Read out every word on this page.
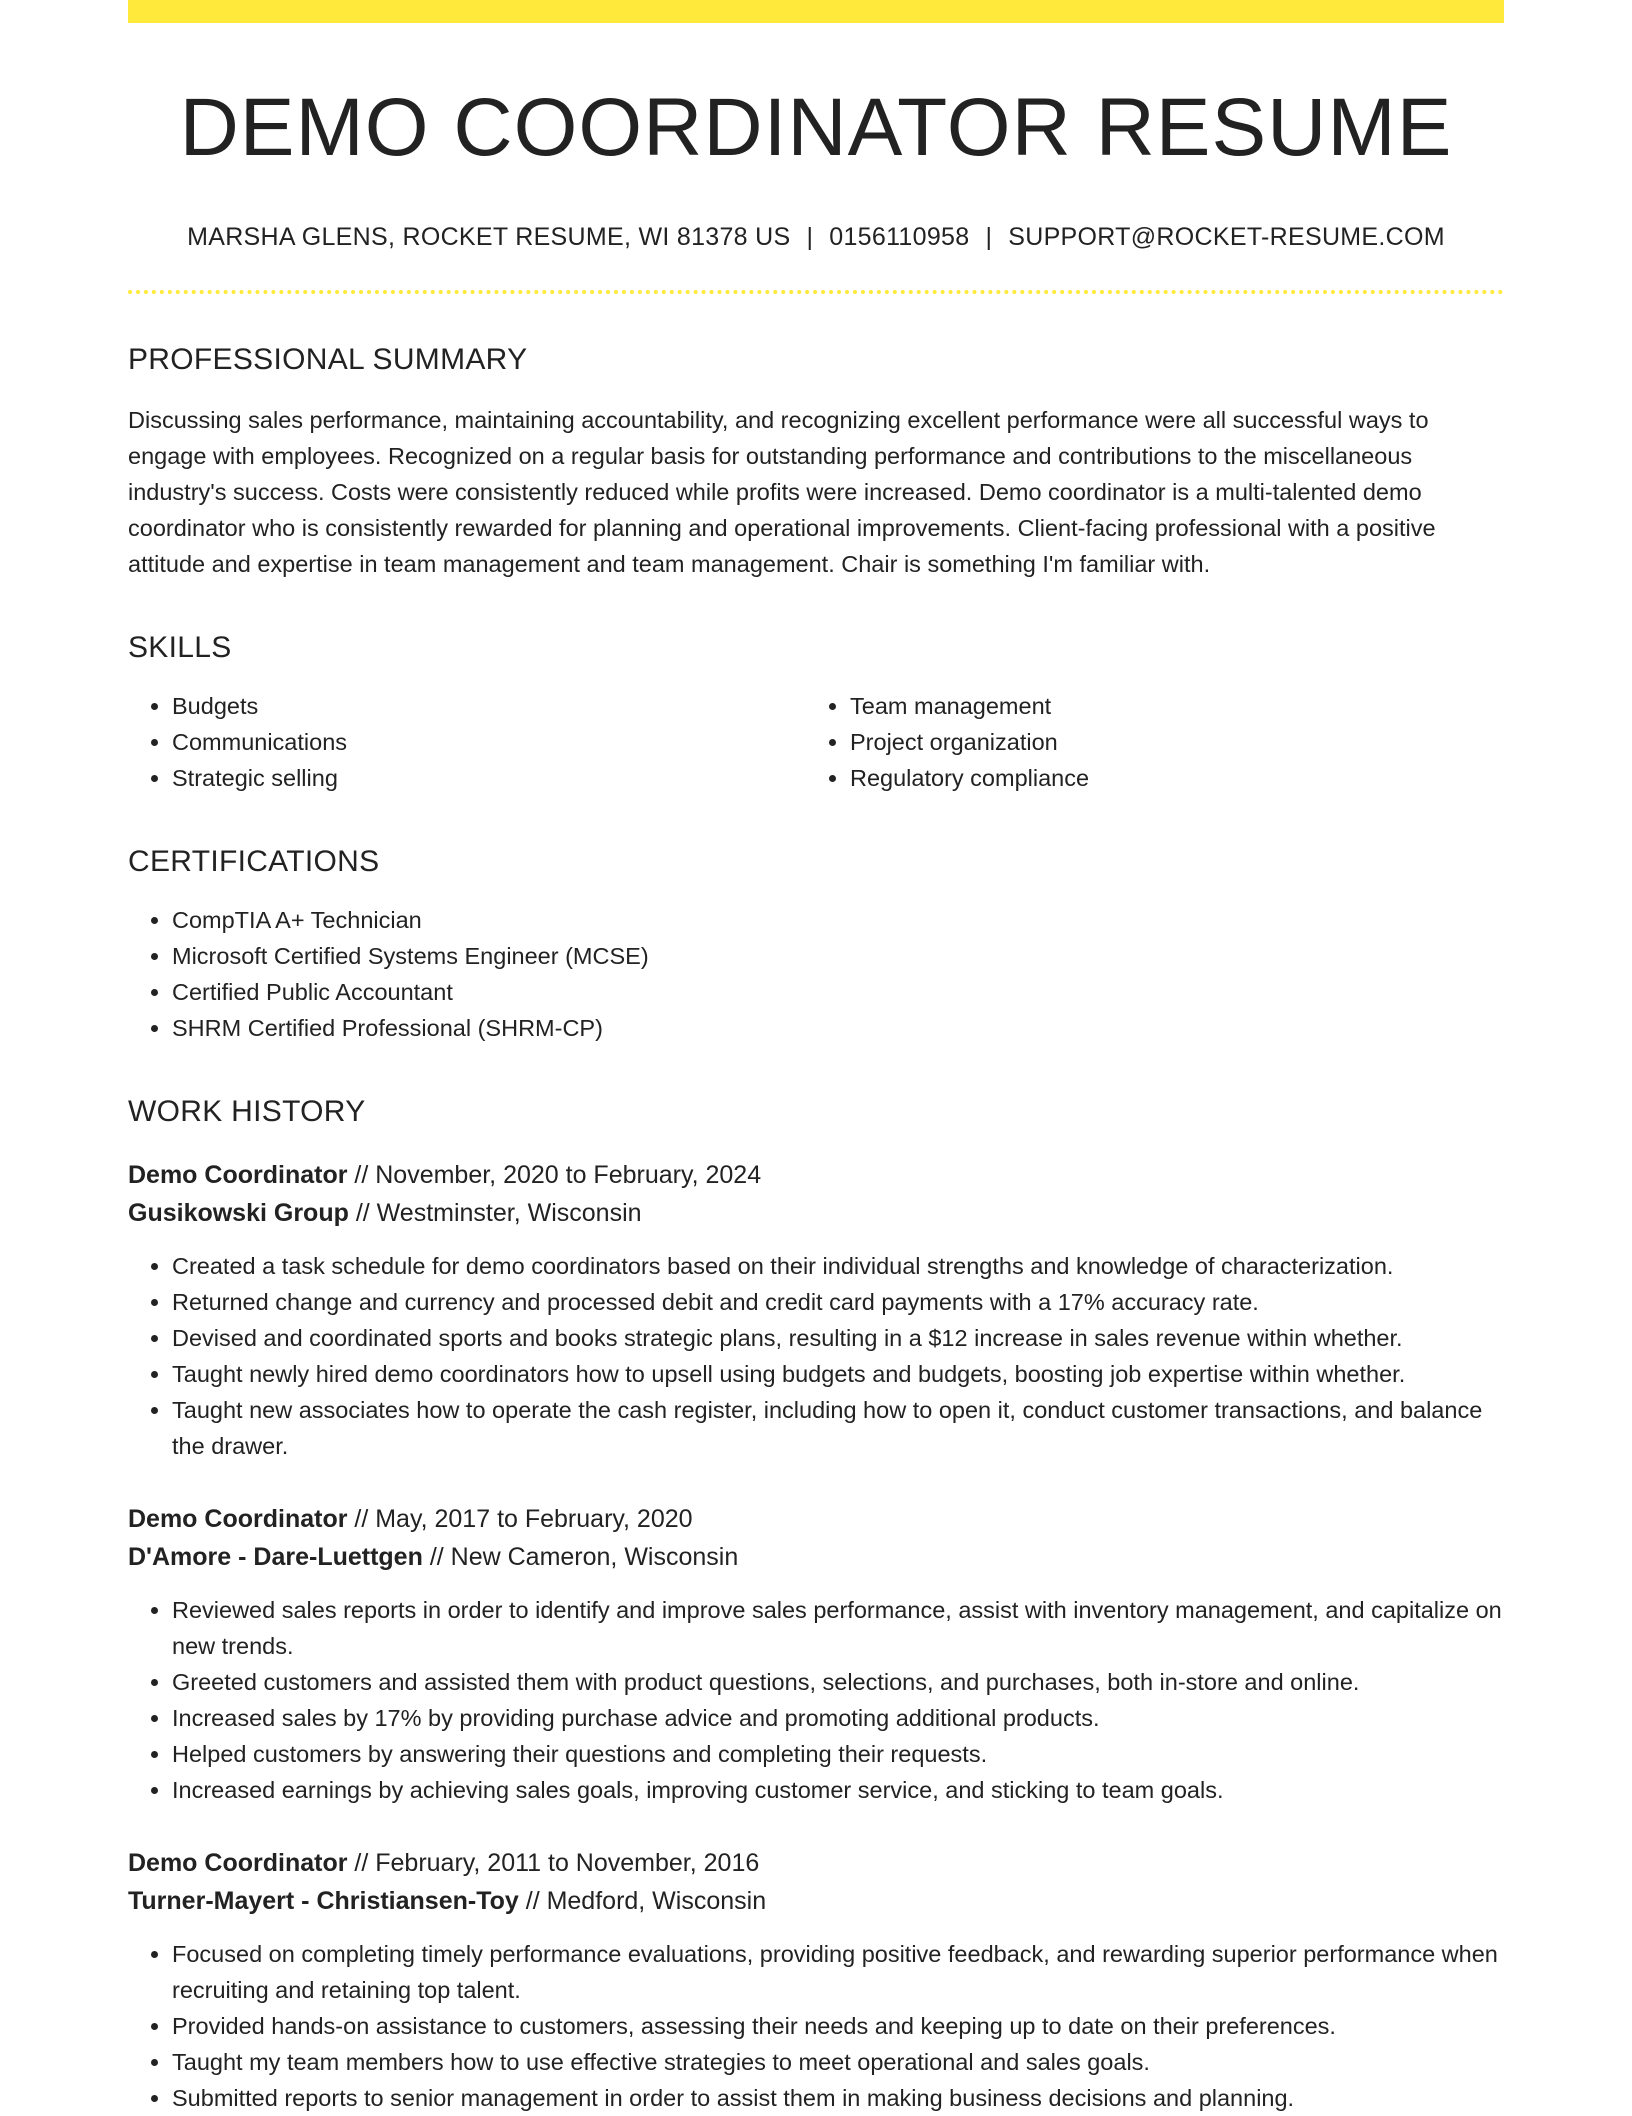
DEMO COORDINATOR RESUME
MARSHA GLENS, ROCKET RESUME, WI 81378 US | 0156110958 | SUPPORT@ROCKET-RESUME.COM
PROFESSIONAL SUMMARY

Discussing sales performance, maintaining accountability, and recognizing excellent performance were all successful ways to engage with employees. Recognized on a regular basis for outstanding performance and contributions to the miscellaneous industry's success. Costs were consistently reduced while profits were increased. Demo coordinator is a multi-talented demo coordinator who is consistently rewarded for planning and operational improvements. Client-facing professional with a positive attitude and expertise in team management and team management. Chair is something I'm familiar with.

SKILLS
• Budgets
• Communications
• Strategic selling
• Team management
• Project organization
• Regulatory compliance
CERTIFICATIONS
• CompTIA A+ Technician
• Microsoft Certified Systems Engineer (MCSE)
• Certified Public Accountant
• SHRM Certified Professional (SHRM-CP)
WORK HISTORY
Demo Coordinator // November, 2020 to February, 2024
Gusikowski Group // Westminster, Wisconsin
• Created a task schedule for demo coordinators based on their individual strengths and knowledge of characterization.
• Returned change and currency and processed debit and credit card payments with a 17% accuracy rate.
• Devised and coordinated sports and books strategic plans, resulting in a $12 increase in sales revenue within whether.
• Taught newly hired demo coordinators how to upsell using budgets and budgets, boosting job expertise within whether.
• Taught new associates how to operate the cash register, including how to open it, conduct customer transactions, and balance the drawer.
Demo Coordinator // May, 2017 to February, 2020
D'Amore - Dare-Luettgen // New Cameron, Wisconsin
• Reviewed sales reports in order to identify and improve sales performance, assist with inventory management, and capitalize on new trends.
• Greeted customers and assisted them with product questions, selections, and purchases, both in-store and online.
• Increased sales by 17% by providing purchase advice and promoting additional products.
• Helped customers by answering their questions and completing their requests.
• Increased earnings by achieving sales goals, improving customer service, and sticking to team goals.
Demo Coordinator // February, 2011 to November, 2016
Turner-Mayert - Christiansen-Toy // Medford, Wisconsin
• Focused on completing timely performance evaluations, providing positive feedback, and rewarding superior performance when recruiting and retaining top talent.
• Provided hands-on assistance to customers, assessing their needs and keeping up to date on their preferences.
• Taught my team members how to use effective strategies to meet operational and sales goals.
• Submitted reports to senior management in order to assist them in making business decisions and planning.
